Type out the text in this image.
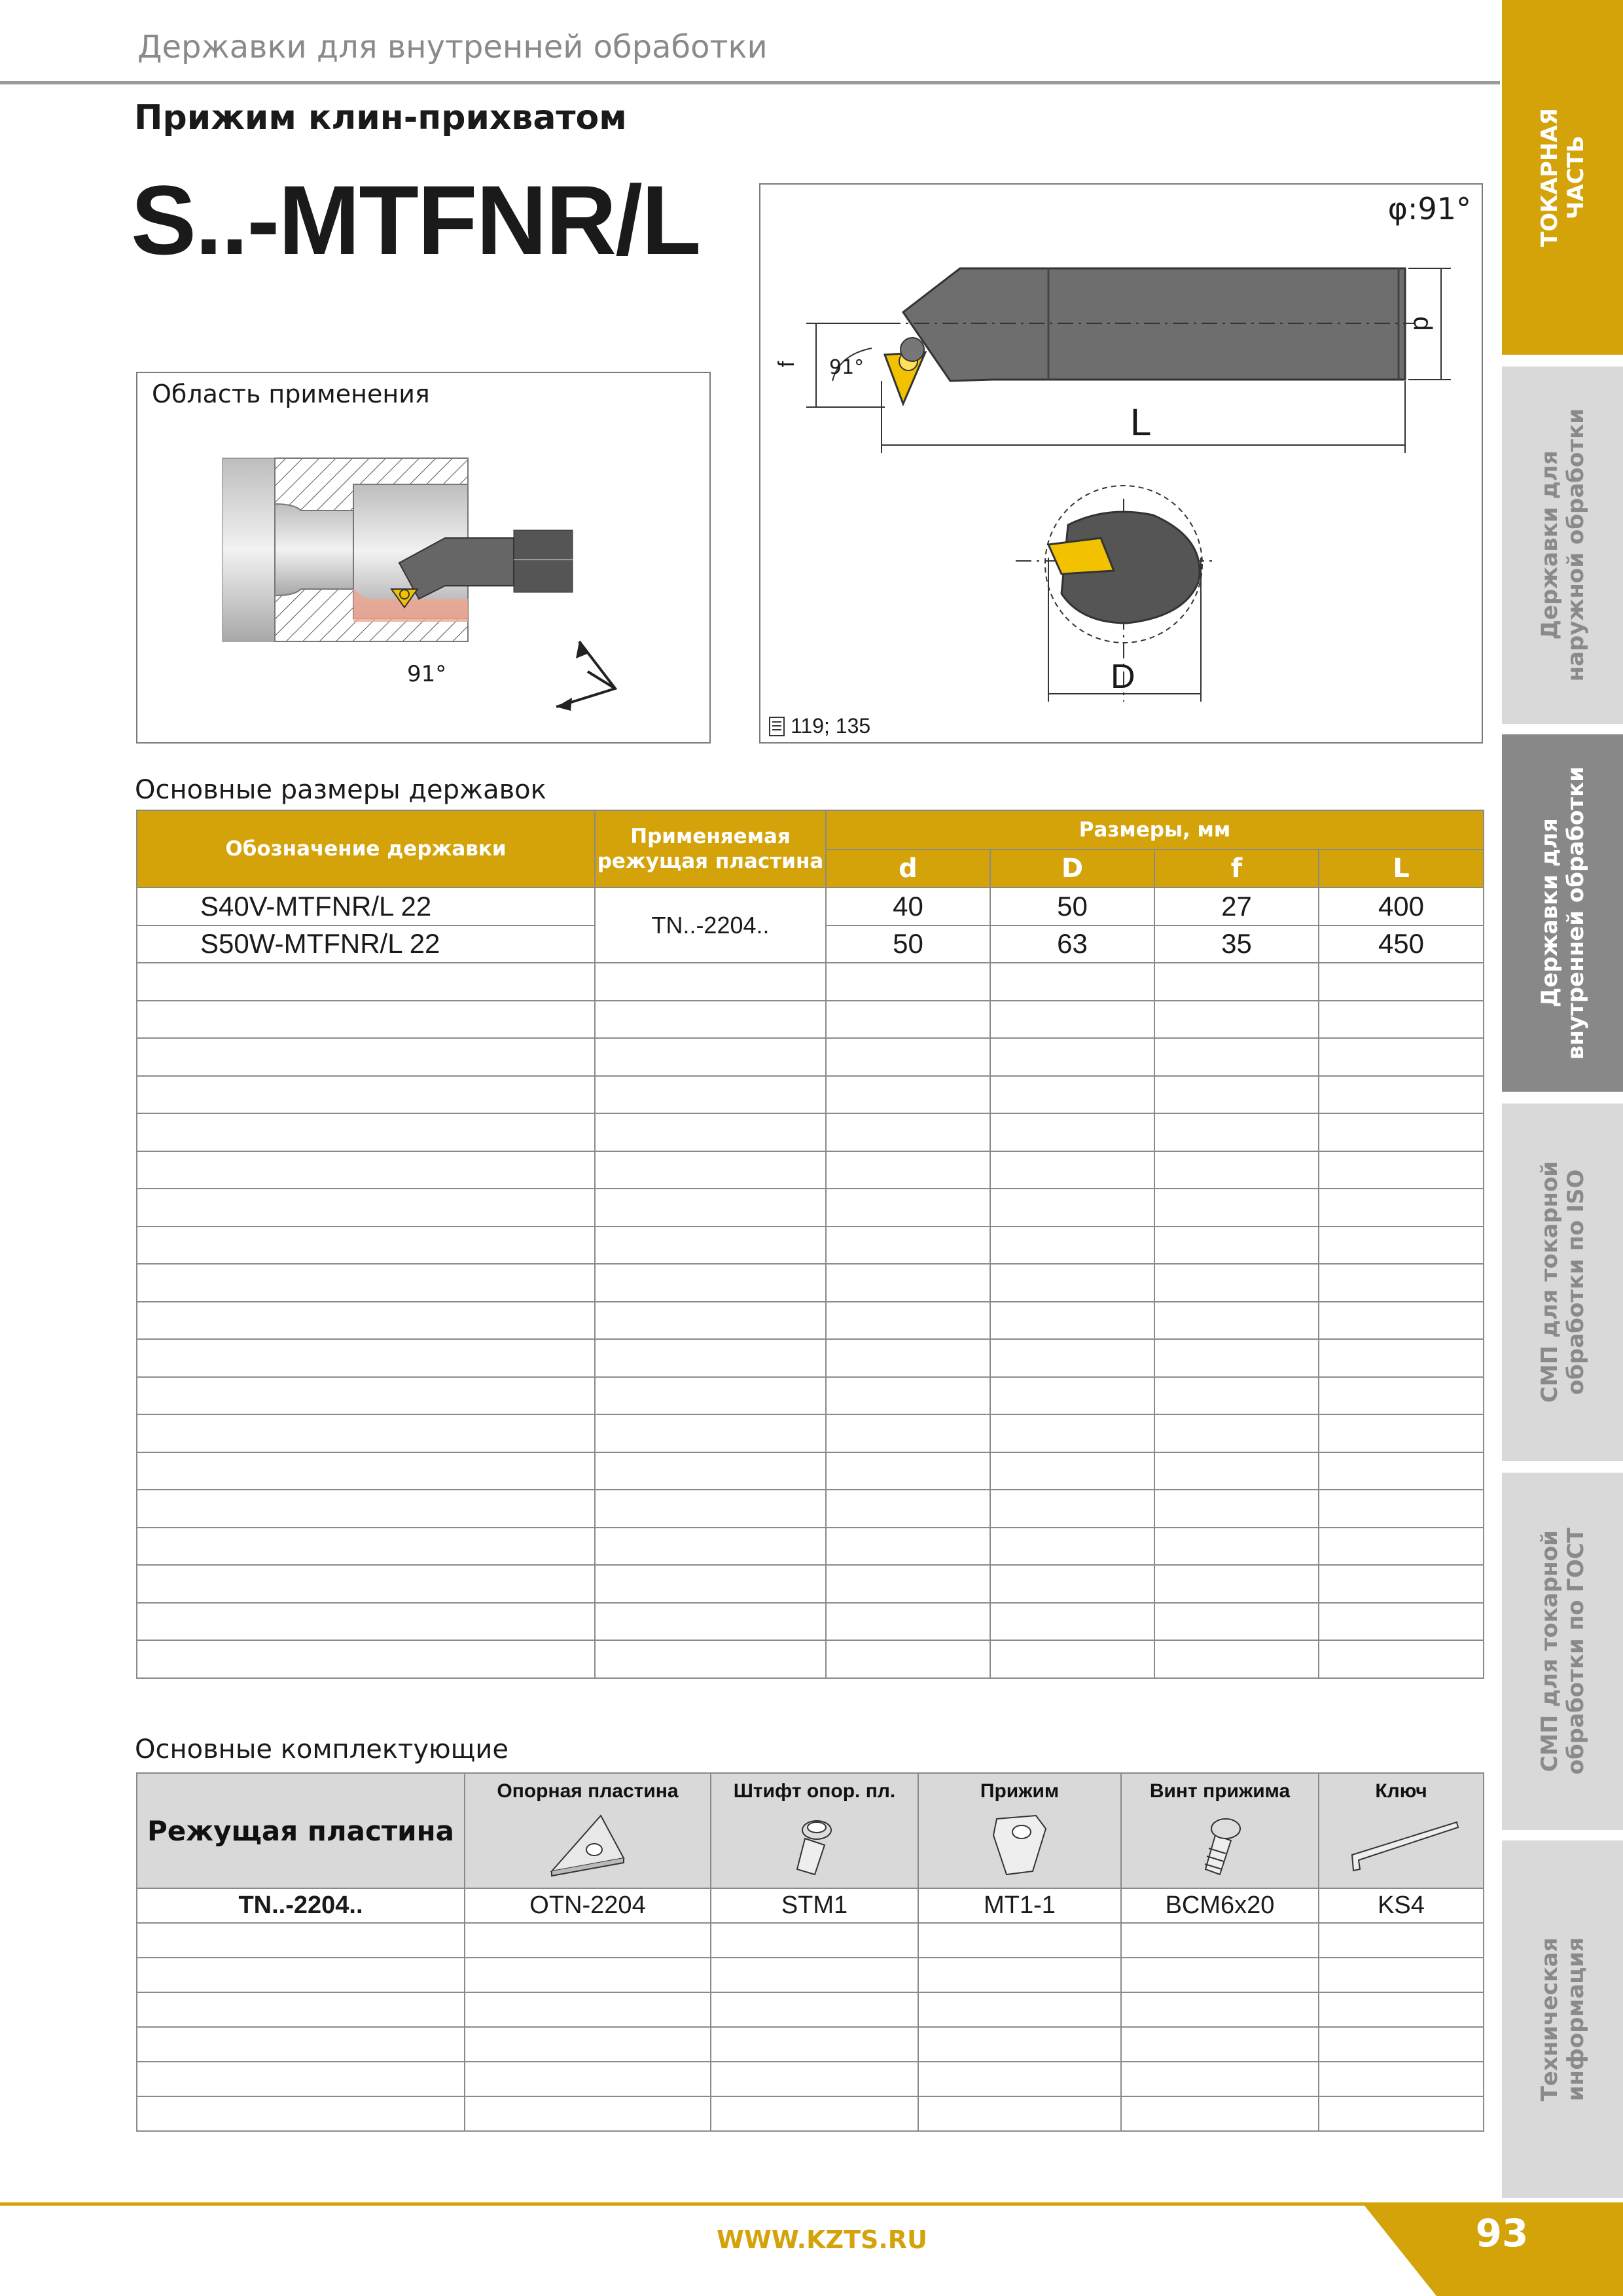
Державки для внутренней обработки
Прижим клин-прихватом
S..-MTFNR/L
Область применения
91°
φ:91°
d
f
L
D
91°
119; 135
Основные размеры державок
Обозначение державки	Применяемая режущая пластина	Размеры, мм			
		d	D	f	L
S40V-MTFNR/L 22	TN..-2204..	40	50	27	400
S50W-MTFNR/L 22		50	63	35	450

Основные комплектующие
Режущая пластина	Опорная пластина	Штифт опор. пл.	Прижим	Винт прижима	Ключ

TN..-2204..	OTN-2204	STM1	MT1-1	BCM6x20	KS4

ТОКАРНАЯ
ЧАСТЬ
Державки для
наружной обработки
Державки для
внутренней обработки
СМП для токарной
обработки по ISO
СМП для токарной
обработки по ГОСТ
Техническая
информация
WWW.KZTS.RU	93
